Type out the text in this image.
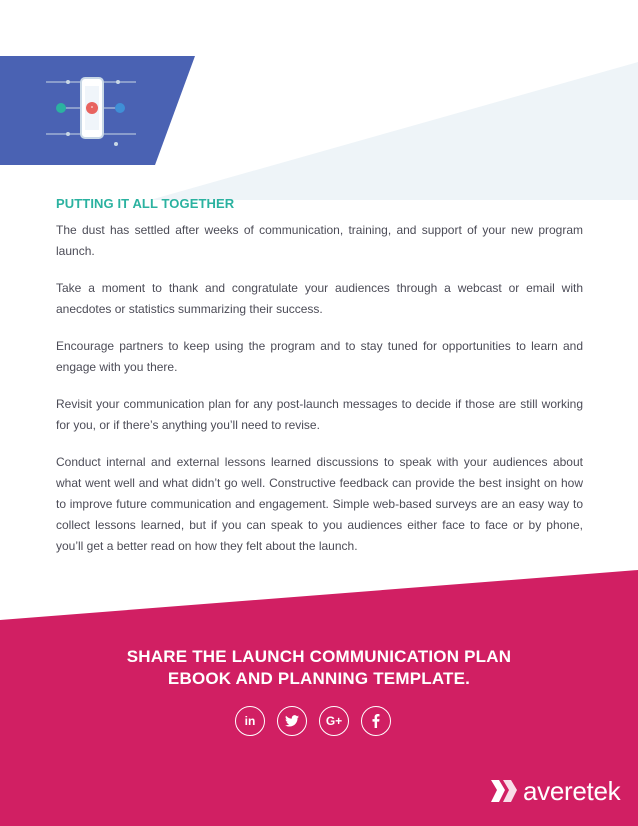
“
PUTTING IT ALL TOGETHER

The dust has settled after weeks of communication, training, and support of your new program launch.

Take a moment to thank and congratulate your audiences through a webcast or email with anecdotes or statistics summarizing their success.

Encourage partners to keep using the program and to stay tuned for opportunities to learn and engage with you there.

Revisit your communication plan for any post-launch messages to decide if those are still working for you, or if there’s anything you’ll need to revise.

Conduct internal and external lessons learned discussions to speak with your audiences about what went well and what didn’t go well. Constructive feedback can provide the best insight on how to improve future communication and engagement. Simple web-based surveys are an easy way to collect lessons learned, but if you can speak to you audiences either face to face or by phone, you’ll get a better read on how they felt about the launch.

SHARE THE LAUNCH COMMUNICATION PLAN
EBOOK AND PLANNING TEMPLATE.
in	G+
averetek
